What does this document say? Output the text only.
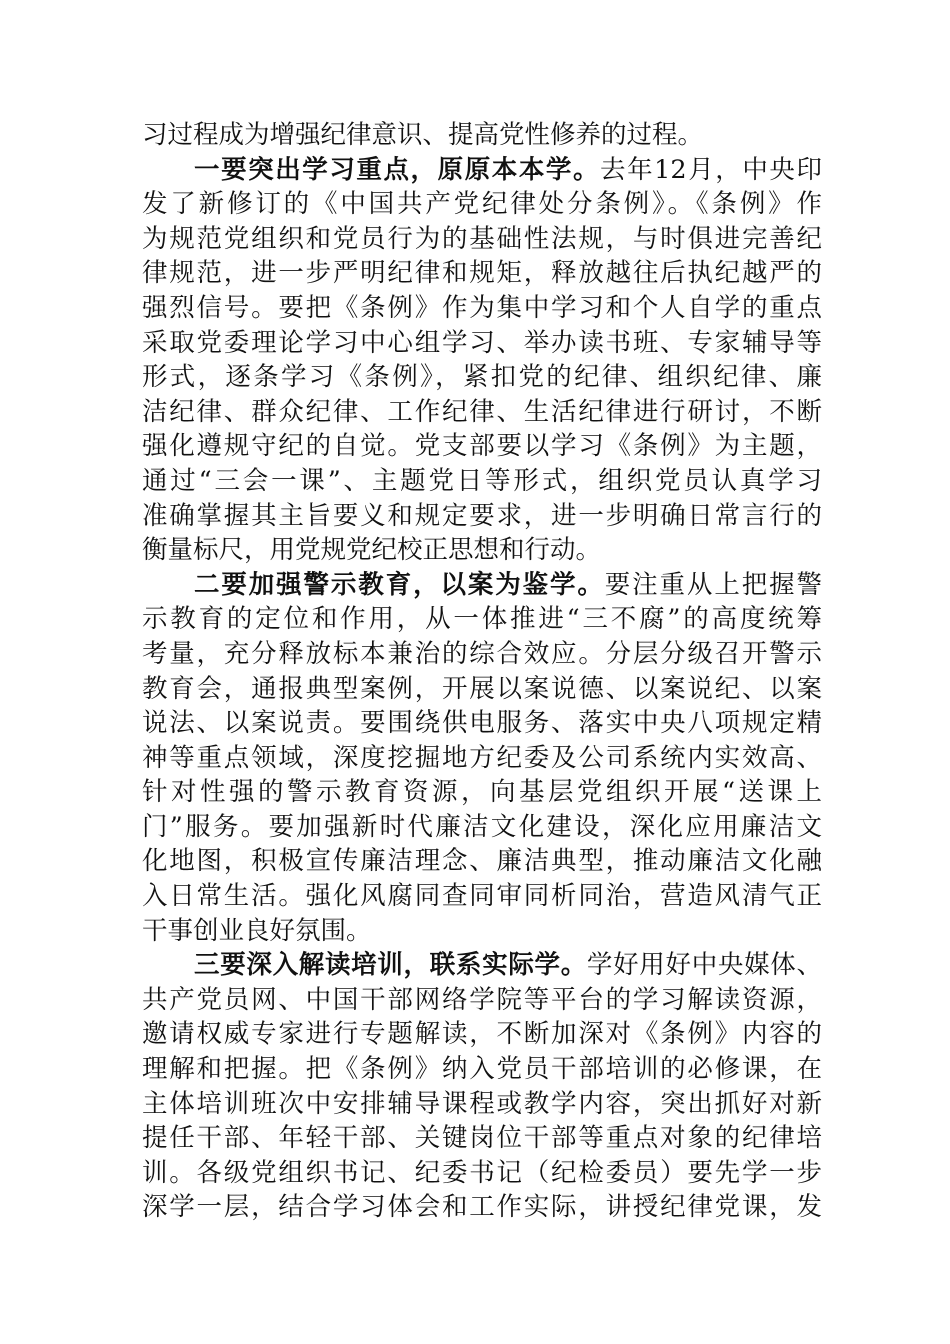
习过程成为增强纪律意识、提高党性修养的过程。
一要突出学习重点，原原本本学。去年12月，中央印
发了新修订的《中国共产党纪律处分条例》。《条例》作
为规范党组织和党员行为的基础性法规，与时俱进完善纪
律规范，进一步严明纪律和规矩，释放越往后执纪越严的
强烈信号。要把《条例》作为集中学习和个人自学的重点
采取党委理论学习中心组学习、举办读书班、专家辅导等
形式，逐条学习《条例》，紧扣党的纪律、组织纪律、廉
洁纪律、群众纪律、工作纪律、生活纪律进行研讨，不断
强化遵规守纪的自觉。党支部要以学习《条例》为主题，
通过“三会一课”、主题党日等形式，组织党员认真学习
准确掌握其主旨要义和规定要求，进一步明确日常言行的
衡量标尺，用党规党纪校正思想和行动。
二要加强警示教育，以案为鉴学。要注重从上把握警
示教育的定位和作用，从一体推进“三不腐”的高度统筹
考量，充分释放标本兼治的综合效应。分层分级召开警示
教育会，通报典型案例，开展以案说德、以案说纪、以案
说法、以案说责。要围绕供电服务、落实中央八项规定精
神等重点领域，深度挖掘地方纪委及公司系统内实效高、
针对性强的警示教育资源，向基层党组织开展“送课上
门”服务。要加强新时代廉洁文化建设，深化应用廉洁文
化地图，积极宣传廉洁理念、廉洁典型，推动廉洁文化融
入日常生活。强化风腐同查同审同析同治，营造风清气正
干事创业良好氛围。
三要深入解读培训，联系实际学。学好用好中央媒体、
共产党员网、中国干部网络学院等平台的学习解读资源，
邀请权威专家进行专题解读，不断加深对《条例》内容的
理解和把握。把《条例》纳入党员干部培训的必修课，在
主体培训班次中安排辅导课程或教学内容，突出抓好对新
提任干部、年轻干部、关键岗位干部等重点对象的纪律培
训。各级党组织书记、纪委书记（纪检委员）要先学一步
深学一层，结合学习体会和工作实际，讲授纪律党课，发
